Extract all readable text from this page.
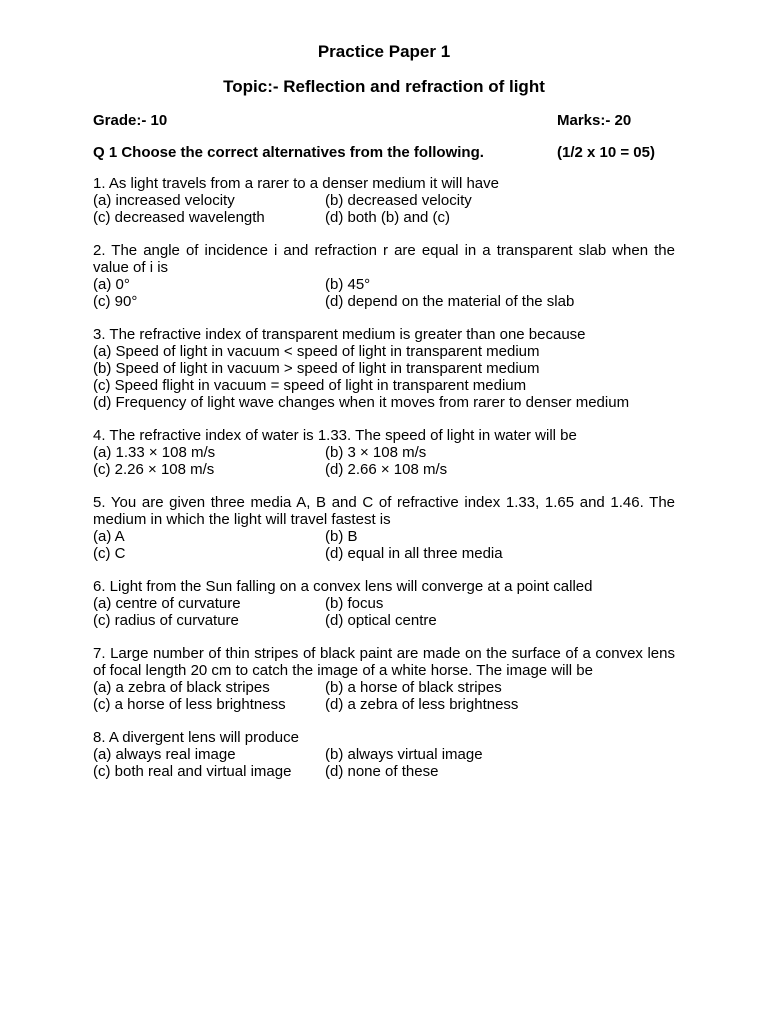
Practice Paper 1
Topic:- Reflection and refraction of light
Grade:- 10	Marks:- 20
Q 1 Choose the correct alternatives from the following.	(1/2 x 10 = 05)
1. As light travels from a rarer to a denser medium it will have
(a) increased velocity	(b) decreased velocity
(c) decreased wavelength	(d) both (b) and (c)
2. The angle of incidence i and refraction r are equal in a transparent slab when the value of i is
(a) 0°	(b) 45°
(c) 90°	(d) depend on the material of the slab
3. The refractive index of transparent medium is greater than one because
(a) Speed of light in vacuum < speed of light in transparent medium
(b) Speed of light in vacuum > speed of light in transparent medium
(c) Speed flight in vacuum = speed of light in transparent medium
(d) Frequency of light wave changes when it moves from rarer to denser medium
4. The refractive index of water is 1.33. The speed of light in water will be
(a) 1.33 × 108 m/s	(b) 3 × 108 m/s
(c) 2.26 × 108 m/s	(d) 2.66 × 108 m/s
5. You are given three media A, B and C of refractive index 1.33, 1.65 and 1.46. The medium in which the light will travel fastest is
(a) A	(b) B
(c) C	(d) equal in all three media
6. Light from the Sun falling on a convex lens will converge at a point called
(a) centre of curvature	(b) focus
(c) radius of curvature	(d) optical centre
7. Large number of thin stripes of black paint are made on the surface of a convex lens of focal length 20 cm to catch the image of a white horse. The image will be
(a) a zebra of black stripes	(b) a horse of black stripes
(c) a horse of less brightness	(d) a zebra of less brightness
8. A divergent lens will produce
(a) always real image	(b) always virtual image
(c) both real and virtual image	(d) none of these
